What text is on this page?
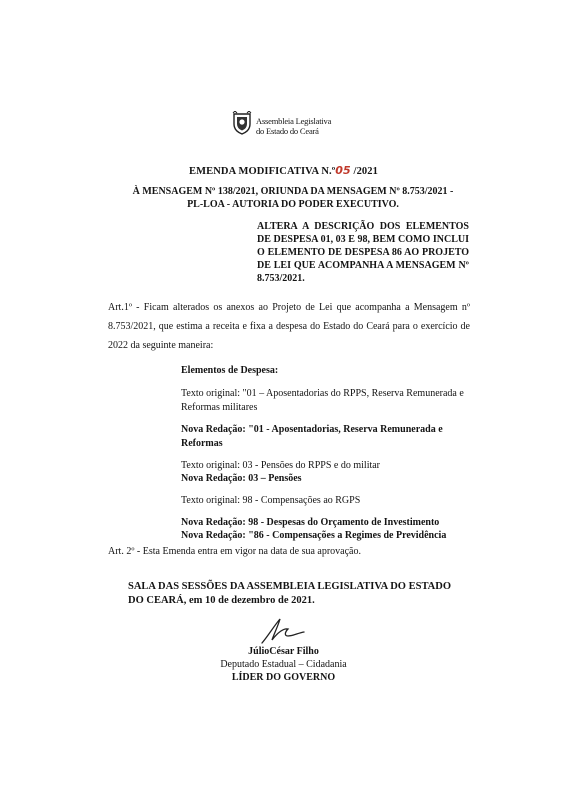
Assembleia Legislativa
do Estado do Ceará
EMENDA MODIFICATIVA N.º05 /2021
À MENSAGEM Nº 138/2021, ORIUNDA DA MENSAGEM Nº 8.753/2021 -
PL-LOA - AUTORIA DO PODER EXECUTIVO.
ALTERA A DESCRIÇÃO DOS ELEMENTOS DE DESPESA 01, 03 E 98, BEM COMO INCLUI O ELEMENTO DE DESPESA 86 AO PROJETO DE LEI QUE ACOMPANHA A MENSAGEM Nº 8.753/2021.
Art.1º - Ficam alterados os anexos ao Projeto de Lei que acompanha a Mensagem nº 8.753/2021, que estima a receita e fixa a despesa do Estado do Ceará para o exercício de 2022 da seguinte maneira:
Elementos de Despesa:
Texto original: "01 – Aposentadorias do RPPS, Reserva Remunerada e Reformas militares
Nova Redação: "01 - Aposentadorias, Reserva Remunerada e Reformas
Texto original: 03 - Pensões do RPPS e do militar
Nova Redação: 03 – Pensões
Texto original: 98 - Compensações ao RGPS
Nova Redação: 98 - Despesas do Orçamento de Investimento
Nova Redação: "86 - Compensações a Regimes de Previdência
Art. 2º - Esta Emenda entra em vigor na data de sua aprovação.
SALA DAS SESSÕES DA ASSEMBLEIA LEGISLATIVA DO ESTADO DO CEARÁ, em 10 de dezembro de 2021.
JúlioCésar Filho
Deputado Estadual – Cidadania
LÍDER DO GOVERNO
